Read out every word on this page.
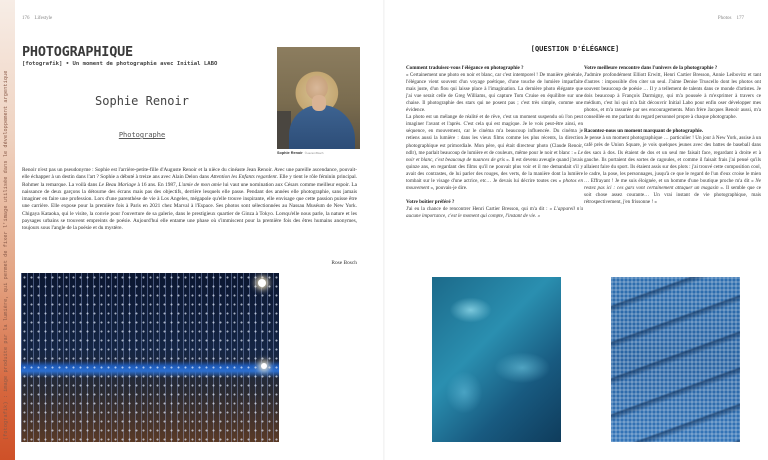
(fotografik) : image produite par la lumière, qui permet de fixer l'image utilisée dans le développement argentique
176 Lifestyle
PHOTOGRAPHIQUE
[fotografik] • Un moment de photographie avec Initial LABO
Sophie Renoir
Photographe
Sophie Renoir ©Laurent Bosch
Renoir n'est pas un pseudonyme : Sophie est l'arrière-petite-fille d'Auguste Renoir et la nièce du cinéaste Jean Renoir. Avec une pareille ascendance, pouvait-elle échapper à un destin dans l'art ? Sophie a débuté à treize ans avec Alain Delon dans Attention les Enfants regardent. Elle y tient le rôle féminin principal. Rohmer la remarque. La voilà dans Le Beau Mariage à 16 ans. En 1987, L'amie de mon amie lui vaut une nomination aux Césars comme meilleur espoir. La naissance de deux garçons la détourne des écrans mais pas des objectifs, derrière lesquels elle passe. Pendant des années elle photographie, sans jamais imaginer en faire une profession. Lors d'une parenthèse de vie à Los Angeles, mégapole qu'elle trouve inspirante, elle envisage que cette passion puisse être une carrière. Elle expose pour la première fois à Paris en 2021 chez Marval à l'Espace. Ses photos sont sélectionnées au Nassau Muséum de New York. Chigaya Kataoka, qui le visite, la convie pour l'ouverture de sa galerie, dans le prestigieux quartier de Ginza à Tokyo. Lorsqu'elle nous parle, la nature et les paysages urbains se trouvent empreints de poésie. Aujourd'hui elle entame une phase où s'immiscent pour la première fois des êtres humains anonymes, toujours sous l'angle de la poésie et du mystère.
Rose Bosch
Photos 177
[QUESTION D'ÉLÉGANCE]
Comment traduisez-vous l'élégance en photographie ?
« Certainement une photo en noir et blanc, car c'est intemporel ! De manière générale, l'élégance vient souvent d'un voyage poétique, d'une touche de lumière imparfaite mais juste, d'un flou qui laisse place à l'imagination. La dernière photo élégante que j'ai vue serait celle de Greg Williams, qui capture Tom Cruise en équilibre sur une chaise. Il photographie des stars qui ne posent pas ; c'est très simple, comme une évidence.
La photo est un mélange de réalité et de rêve, c'est un moment suspendu où l'on peut imaginer l'avant et l'après. C'est cela qui est magique. Je le vois peut-être ainsi, en séquence, en mouvement, car le cinéma m'a beaucoup influencée. Du cinéma je retiens aussi la lumière : dans les vieux films comme les plus récents, la direction photographique est primordiale. Mon père, qui était directeur photo (Claude Renoir, ndlr), me parlait beaucoup de lumière et de couleurs, même pour le noir et blanc : « Le noir et blanc, c'est beaucoup de nuances de gris ». Il est devenu aveugle quand j'avais quinze ans, en regardant des films qu'il ne pouvait plus voir et il me demandait s'il y avait des contrastes, de lui parler des rouges, des verts, de la manière dont la lumière tombait sur le visage d'une actrice, etc… Je devais lui décrire toutes ces « photos en mouvement », pouvais-je dire.
Votre boîtier préféré ?
J'ai eu la chance de rencontrer Henri Cartier Bresson, qui m'a dit : « L'appareil n'a aucune importance, c'est le moment qui compte, l'instant de vie. »
Votre meilleure rencontre dans l'univers de la photographie ?
J'admire profondément Elliott Erwitt, Henri Cartier Bresson, Annie Leibovitz et tant d'autres : impossible d'en citer un seul. J'aime Denise Truscello dont les photos ont souvent beaucoup de poésie … Il y a tellement de talents dans ce monde d'artistes. Je dois beaucoup à François Darmigny, qui m'a poussée à m'exprimer à travers ce médium, c'est lui qui m'a fait découvrir Initial Labo pour enfin oser développer mes photos, et m'a rassurée par ses encouragements. Mon frère Jacques Renoir aussi, m'a conseillée en me parlant du regard personnel propre à chaque photographe.
Racontez-nous un moment marquant de photographie.
Je pense à un moment photographique … particulier ! Un jour à New York, assise à un café près de Union Square, je vois quelques jeunes avec des battes de baseball dans des sacs à dos. Ils étaient de dos et un seul me faisait face, regardant à droite et à gauche. Ils portaient des sortes de cagoules, et comme il faisait frais j'ai pensé qu'ils allaient faire du sport. Ils étaient assis sur des plots : j'ai trouvé cette composition cool, le cadre, la pose, les personnages, jusqu'à ce que le regard de l'un d'eux croise le mien … Effrayant ! Je me suis éloignée, et un homme d'une boutique proche m'a dit « Ne restez pas ici : ces gars vont certainement attaquer un magasin ». Il semble que ce soit chose assez courante… Un vrai instant de vie photographique, mais rétrospectivement, j'en frissonne ! »
